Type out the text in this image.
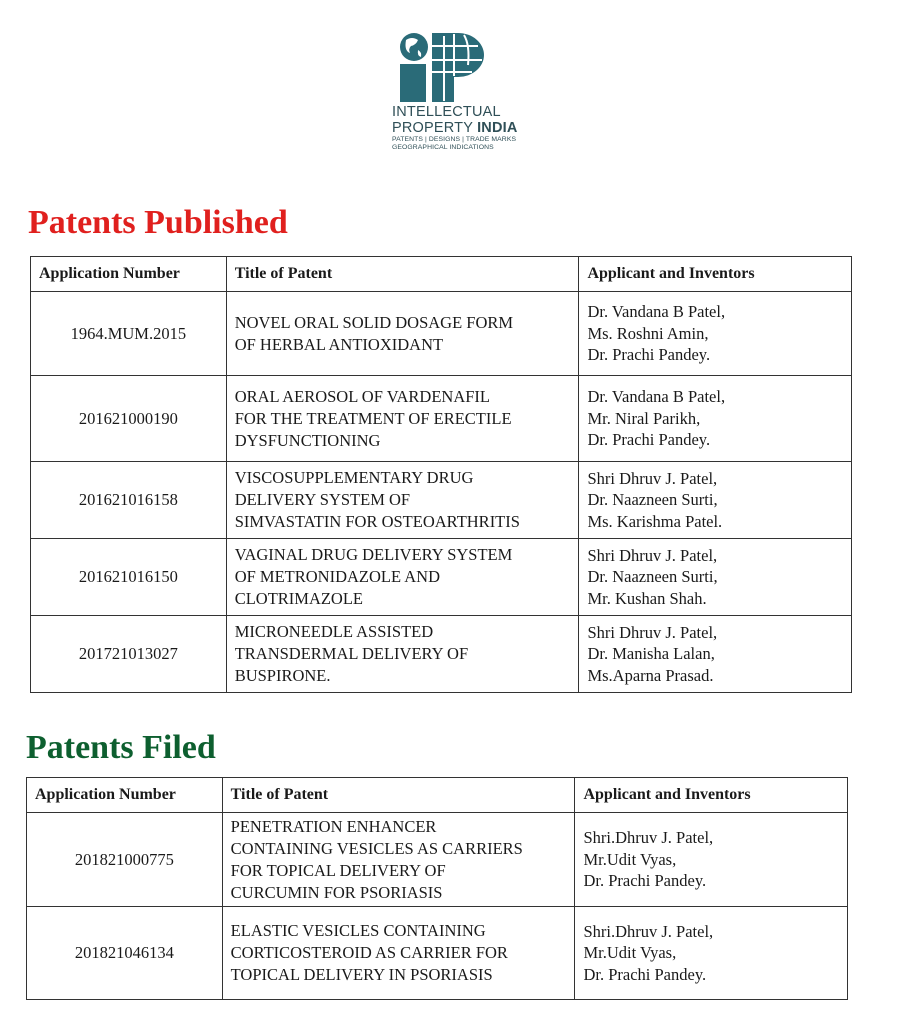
INTELLECTUAL
PROPERTY INDIA
PATENTS | DESIGNS | TRADE MARKS
GEOGRAPHICAL INDICATIONS
Patents Published
Application Number	Title of Patent	Applicant and Inventors
1964.MUM.2015	NOVEL ORAL SOLID DOSAGE FORM
OF HERBAL ANTIOXIDANT	Dr. Vandana B Patel,
Ms. Roshni Amin,
Dr. Prachi Pandey.

201621000190	ORAL AEROSOL OF VARDENAFIL
FOR THE TREATMENT OF ERECTILE
DYSFUNCTIONING	Dr. Vandana B Patel,
Mr. Niral Parikh,
Dr. Prachi Pandey.

201621016158	VISCOSUPPLEMENTARY DRUG
DELIVERY SYSTEM OF
SIMVASTATIN FOR OSTEOARTHRITIS	Shri Dhruv J. Patel,
Dr. Naazneen Surti,
Ms. Karishma Patel.

201621016150	VAGINAL DRUG DELIVERY SYSTEM
OF METRONIDAZOLE AND
CLOTRIMAZOLE	Shri Dhruv J. Patel,
Dr. Naazneen Surti,
Mr. Kushan Shah.

201721013027	MICRONEEDLE ASSISTED
TRANSDERMAL DELIVERY OF
BUSPIRONE.	Shri Dhruv J. Patel,
Dr. Manisha Lalan,
Ms.Aparna Prasad.
Patents Filed
Application Number	Title of Patent	Applicant and Inventors
201821000775	PENETRATION ENHANCER
CONTAINING VESICLES AS CARRIERS
FOR TOPICAL DELIVERY OF
CURCUMIN FOR PSORIASIS	Shri.Dhruv J. Patel,
Mr.Udit Vyas,
Dr. Prachi Pandey.

201821046134	ELASTIC VESICLES CONTAINING
CORTICOSTEROID AS CARRIER FOR
TOPICAL DELIVERY IN PSORIASIS	Shri.Dhruv J. Patel,
Mr.Udit Vyas,
Dr. Prachi Pandey.
